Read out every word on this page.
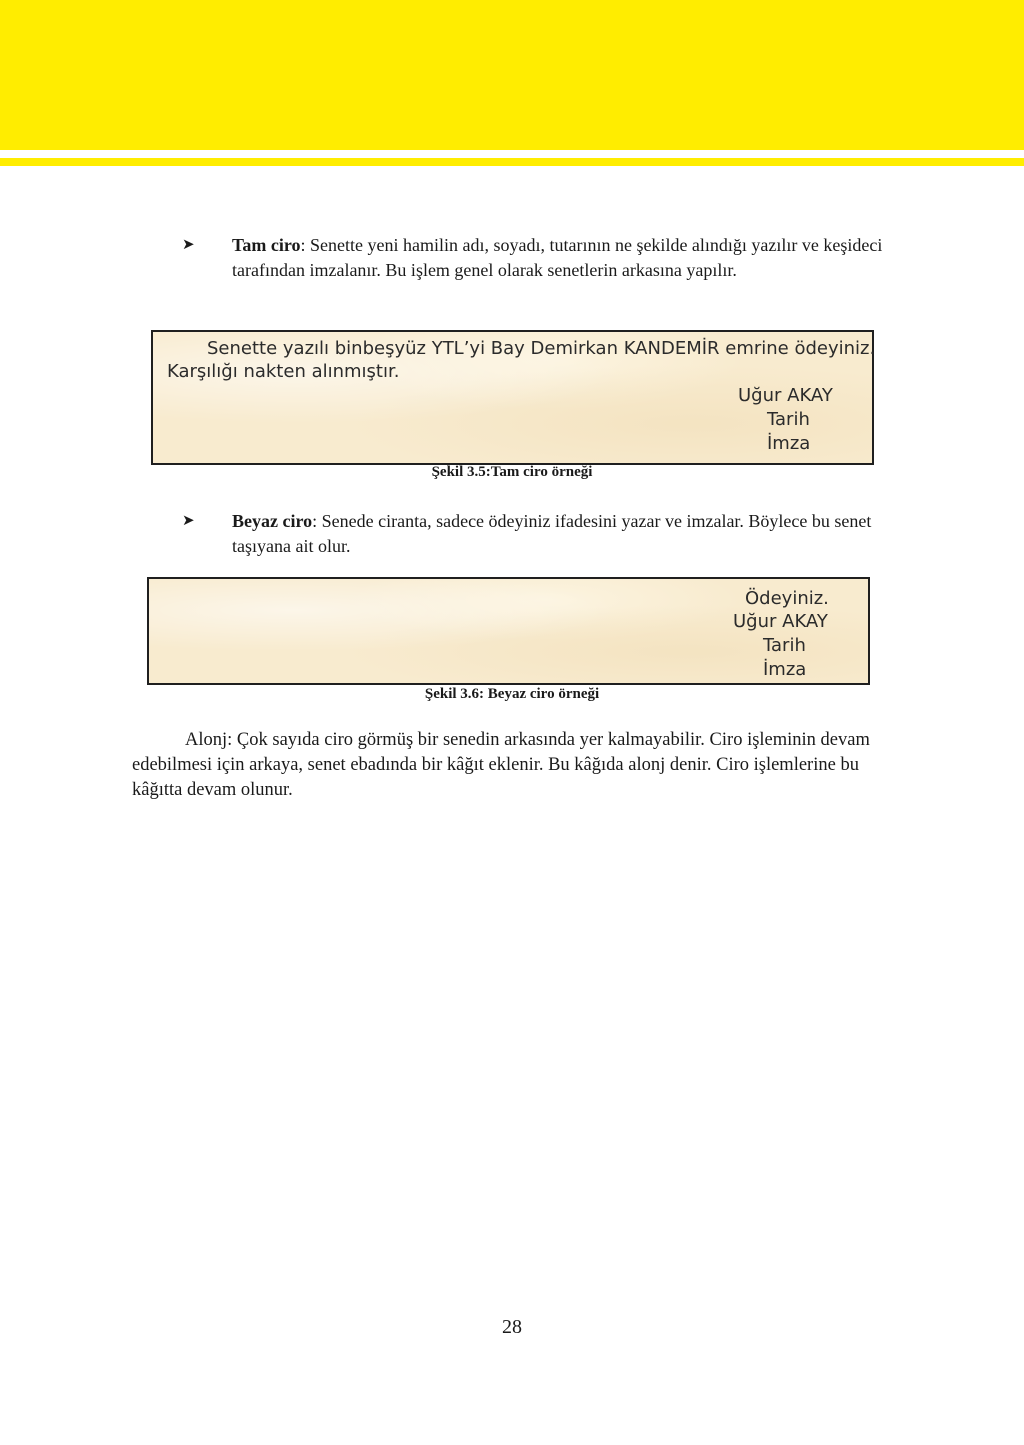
➤ Tam ciro: Senette yeni hamilin adı, soyadı, tutarının ne şekilde alındığı yazılır ve keşideci tarafından imzalanır. Bu işlem genel olarak senetlerin arkasına yapılır.
Senette yazılı binbeşyüz YTL’yi Bay Demirkan KANDEMİR emrine ödeyiniz.
Karşılığı nakten alınmıştır.
Uğur AKAY
Tarih
İmza
Şekil 3.5:Tam ciro örneği
➤ Beyaz ciro: Senede ciranta, sadece ödeyiniz ifadesini yazar ve imzalar. Böylece bu senet taşıyana ait olur.
Ödeyiniz.
Uğur AKAY
Tarih
İmza
Şekil 3.6: Beyaz ciro örneği
Alonj: Çok sayıda ciro görmüş bir senedin arkasında yer kalmayabilir. Ciro işleminin devam edebilmesi için arkaya, senet ebadında bir kâğıt eklenir. Bu kâğıda alonj denir. Ciro işlemlerine bu kâğıtta devam olunur.
28
